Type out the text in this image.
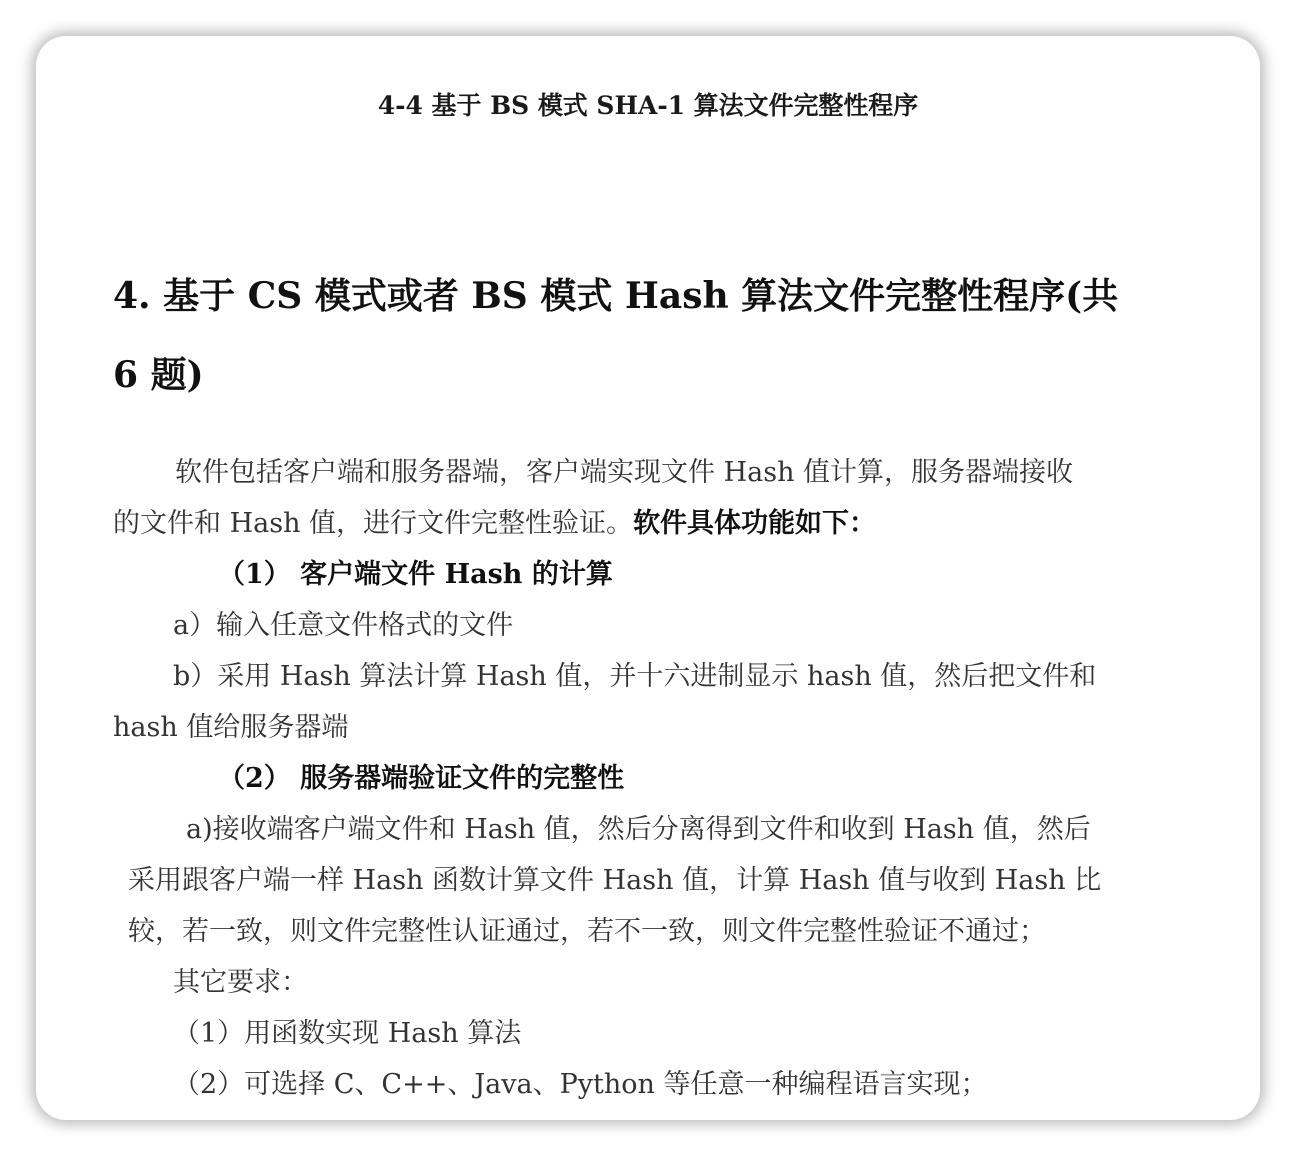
4-4 基于 BS 模式 SHA-1 算法文件完整性程序

4. 基于 CS 模式或者 BS 模式 Hash 算法文件完整性程序(共

6 题)

软件包括客户端和服务器端，客户端实现文件 Hash 值计算，服务器端接收

的文件和 Hash 值，进行文件完整性验证。软件具体功能如下：

（1） 客户端文件 Hash 的计算

a）输入任意文件格式的文件

b）采用 Hash 算法计算 Hash 值，并十六进制显示 hash 值，然后把文件和

hash 值给服务器端

（2） 服务器端验证文件的完整性

a)接收端客户端文件和 Hash 值，然后分离得到文件和收到 Hash 值，然后

采用跟客户端一样 Hash 函数计算文件 Hash 值，计算 Hash 值与收到 Hash 比

较，若一致，则文件完整性认证通过，若不一致，则文件完整性验证不通过；

其它要求：

（1）用函数实现 Hash 算法

（2）可选择 C、C++、Java、Python 等任意一种编程语言实现；
